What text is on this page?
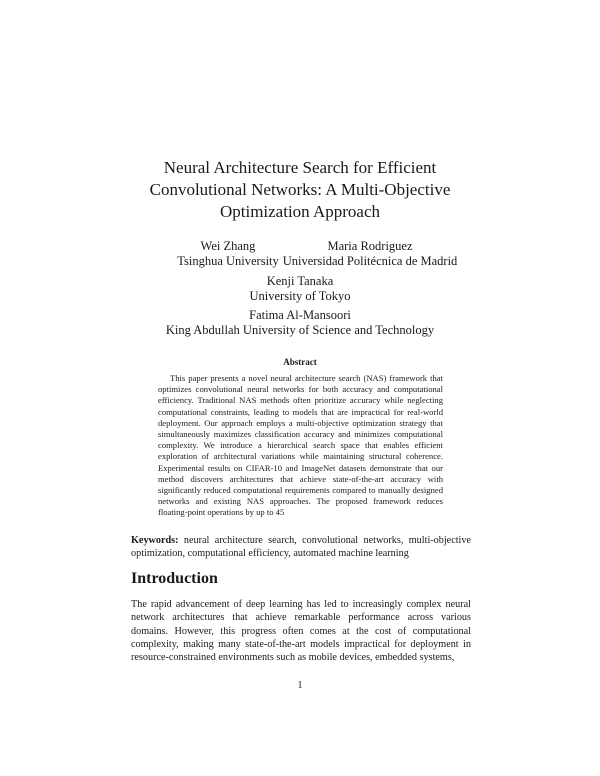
Neural Architecture Search for Efficient
Convolutional Networks: A Multi-Objective
Optimization Approach
Wei Zhang
Tsinghua University
Maria Rodriguez
Universidad Politécnica de Madrid
Kenji Tanaka
University of Tokyo
Fatima Al-Mansoori
King Abdullah University of Science and Technology
Abstract

This paper presents a novel neural architecture search (NAS) framework that optimizes convolutional neural networks for both accuracy and computational efficiency. Traditional NAS methods often prioritize accuracy while neglecting computational constraints, leading to models that are impractical for real-world deployment. Our approach employs a multi-objective optimization strategy that simultaneously maximizes classification accuracy and minimizes computational complexity. We introduce a hierarchical search space that enables efficient exploration of architectural variations while maintaining structural coherence. Experimental results on CIFAR-10 and ImageNet datasets demonstrate that our method discovers architectures that achieve state-of-the-art accuracy with significantly reduced computational requirements compared to manually designed networks and existing NAS approaches. The proposed framework reduces floating-point operations by up to 45

Keywords: neural architecture search, convolutional networks, multi-objective optimization, computational efficiency, automated machine learning

Introduction

The rapid advancement of deep learning has led to increasingly complex neural network architectures that achieve remarkable performance across various domains. However, this progress often comes at the cost of computational complexity, making many state-of-the-art models impractical for deployment in resource-constrained environments such as mobile devices, embedded systems,

1
